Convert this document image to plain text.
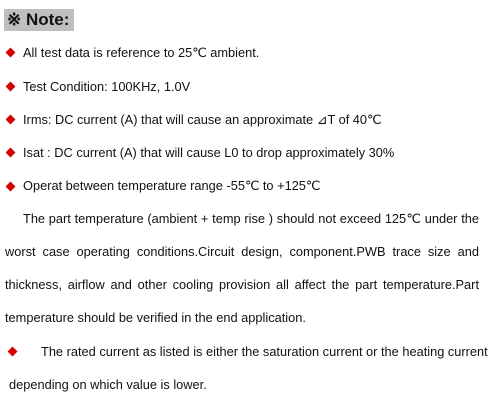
※ Note:
All test data is reference to 25℃ ambient.
Test Condition: 100KHz, 1.0V
Irms: DC current (A) that will cause an approximate ⊿T of 40℃
Isat : DC current (A) that will cause L0 to drop approximately 30%
Operat between temperature range -55℃ to +125℃
The part temperature (ambient + temp rise ) should not exceed 125℃ under the
worst case operating conditions.Circuit design, component.PWB trace size and
thickness, airflow and other cooling provision all affect the part temperature.Part
temperature should be verified in the end application.
The rated current as listed is either the saturation current or the heating current
depending on which value is lower.
